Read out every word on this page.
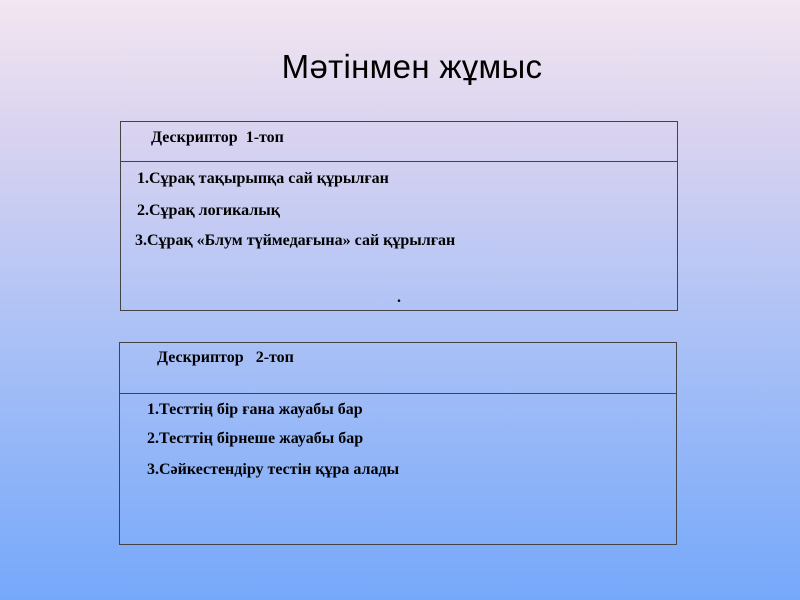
Мәтінмен жұмыс
Дескриптор  1-топ
1.Сұрақ тақырыпқа сай құрылған
2.Сұрақ логикалық
3.Сұрақ «Блум түймедағына» сай құрылған
.
Дескриптор   2-топ
1.Тесттің бір ғана жауабы бар
2.Тесттің бірнеше жауабы бар
3.Сәйкестендіру тестін құра алады
